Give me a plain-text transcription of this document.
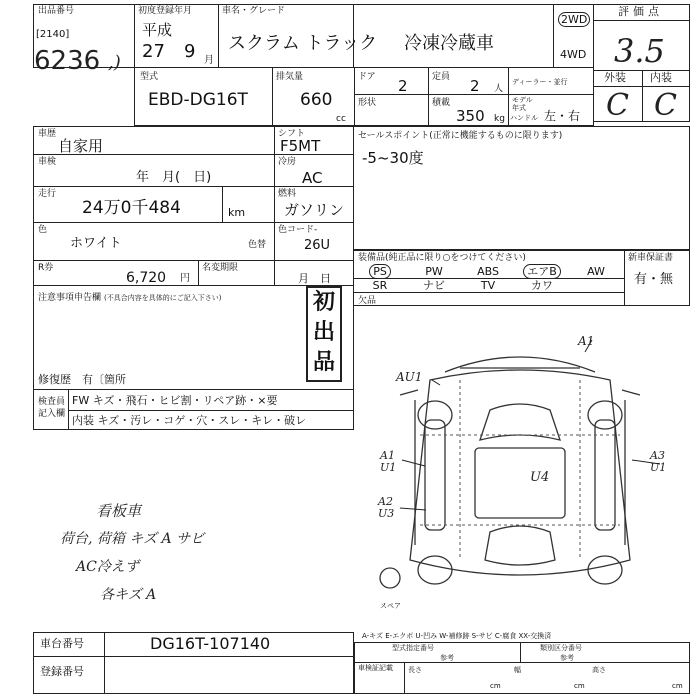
出品番号
[2140]
6236 ,)
初度登録年月
平成
27 9 月
車名・グレード
スクラム トラック 冷凍冷蔵車
2WD
4WD
評価点
3.5
外装 内装
C C
型式
EBD-DG16T
排気量
660
cc
ドア 2	定員 2 人
ディーラー・並行
形状	積載
350 kg
モデル年式
ハンドル 左・右
車歴
自家用
シフト
F5MT
車検
年　月(　日)
冷房
AC
走行
24万0千484	km
燃料
ガソリン
色
ホワイト	色替
色コード-
26U
R券
6,720 円
名変期限
月　日
セールスポイント(正常に機能するものに限ります)
-5~30度
装備品(純正品に限り○をつけてください)	新車保証書
有・無
PS	PW	ABS	エアB	AW
SR	ナビ	TV	カワ
欠品
注意事項申告欄 (不具合内容を具体的にご記入下さい)	初出品
修復歴　有〔箇所
検査員記入欄
FW キズ・飛石・ヒビ割・リペア跡・×要
内装 キズ・汚レ・コゲ・穴・スレ・キレ・破レ
看板車
荷台, 荷箱 キズ A サビ
AC冷えず
各キズ A
A1
AU1
A1 U1
A2 U3
U4
A3 U1
スペア
車台番号	DG16T-107140
登録番号
A-キズ E-エクボ U-凹み W-補修跡 S-サビ C-腐食 XX-交換済
型式指定番号
参考
類別区分番号
参考
車検証記載	長さ
cm
幅
cm
高さ
cm
